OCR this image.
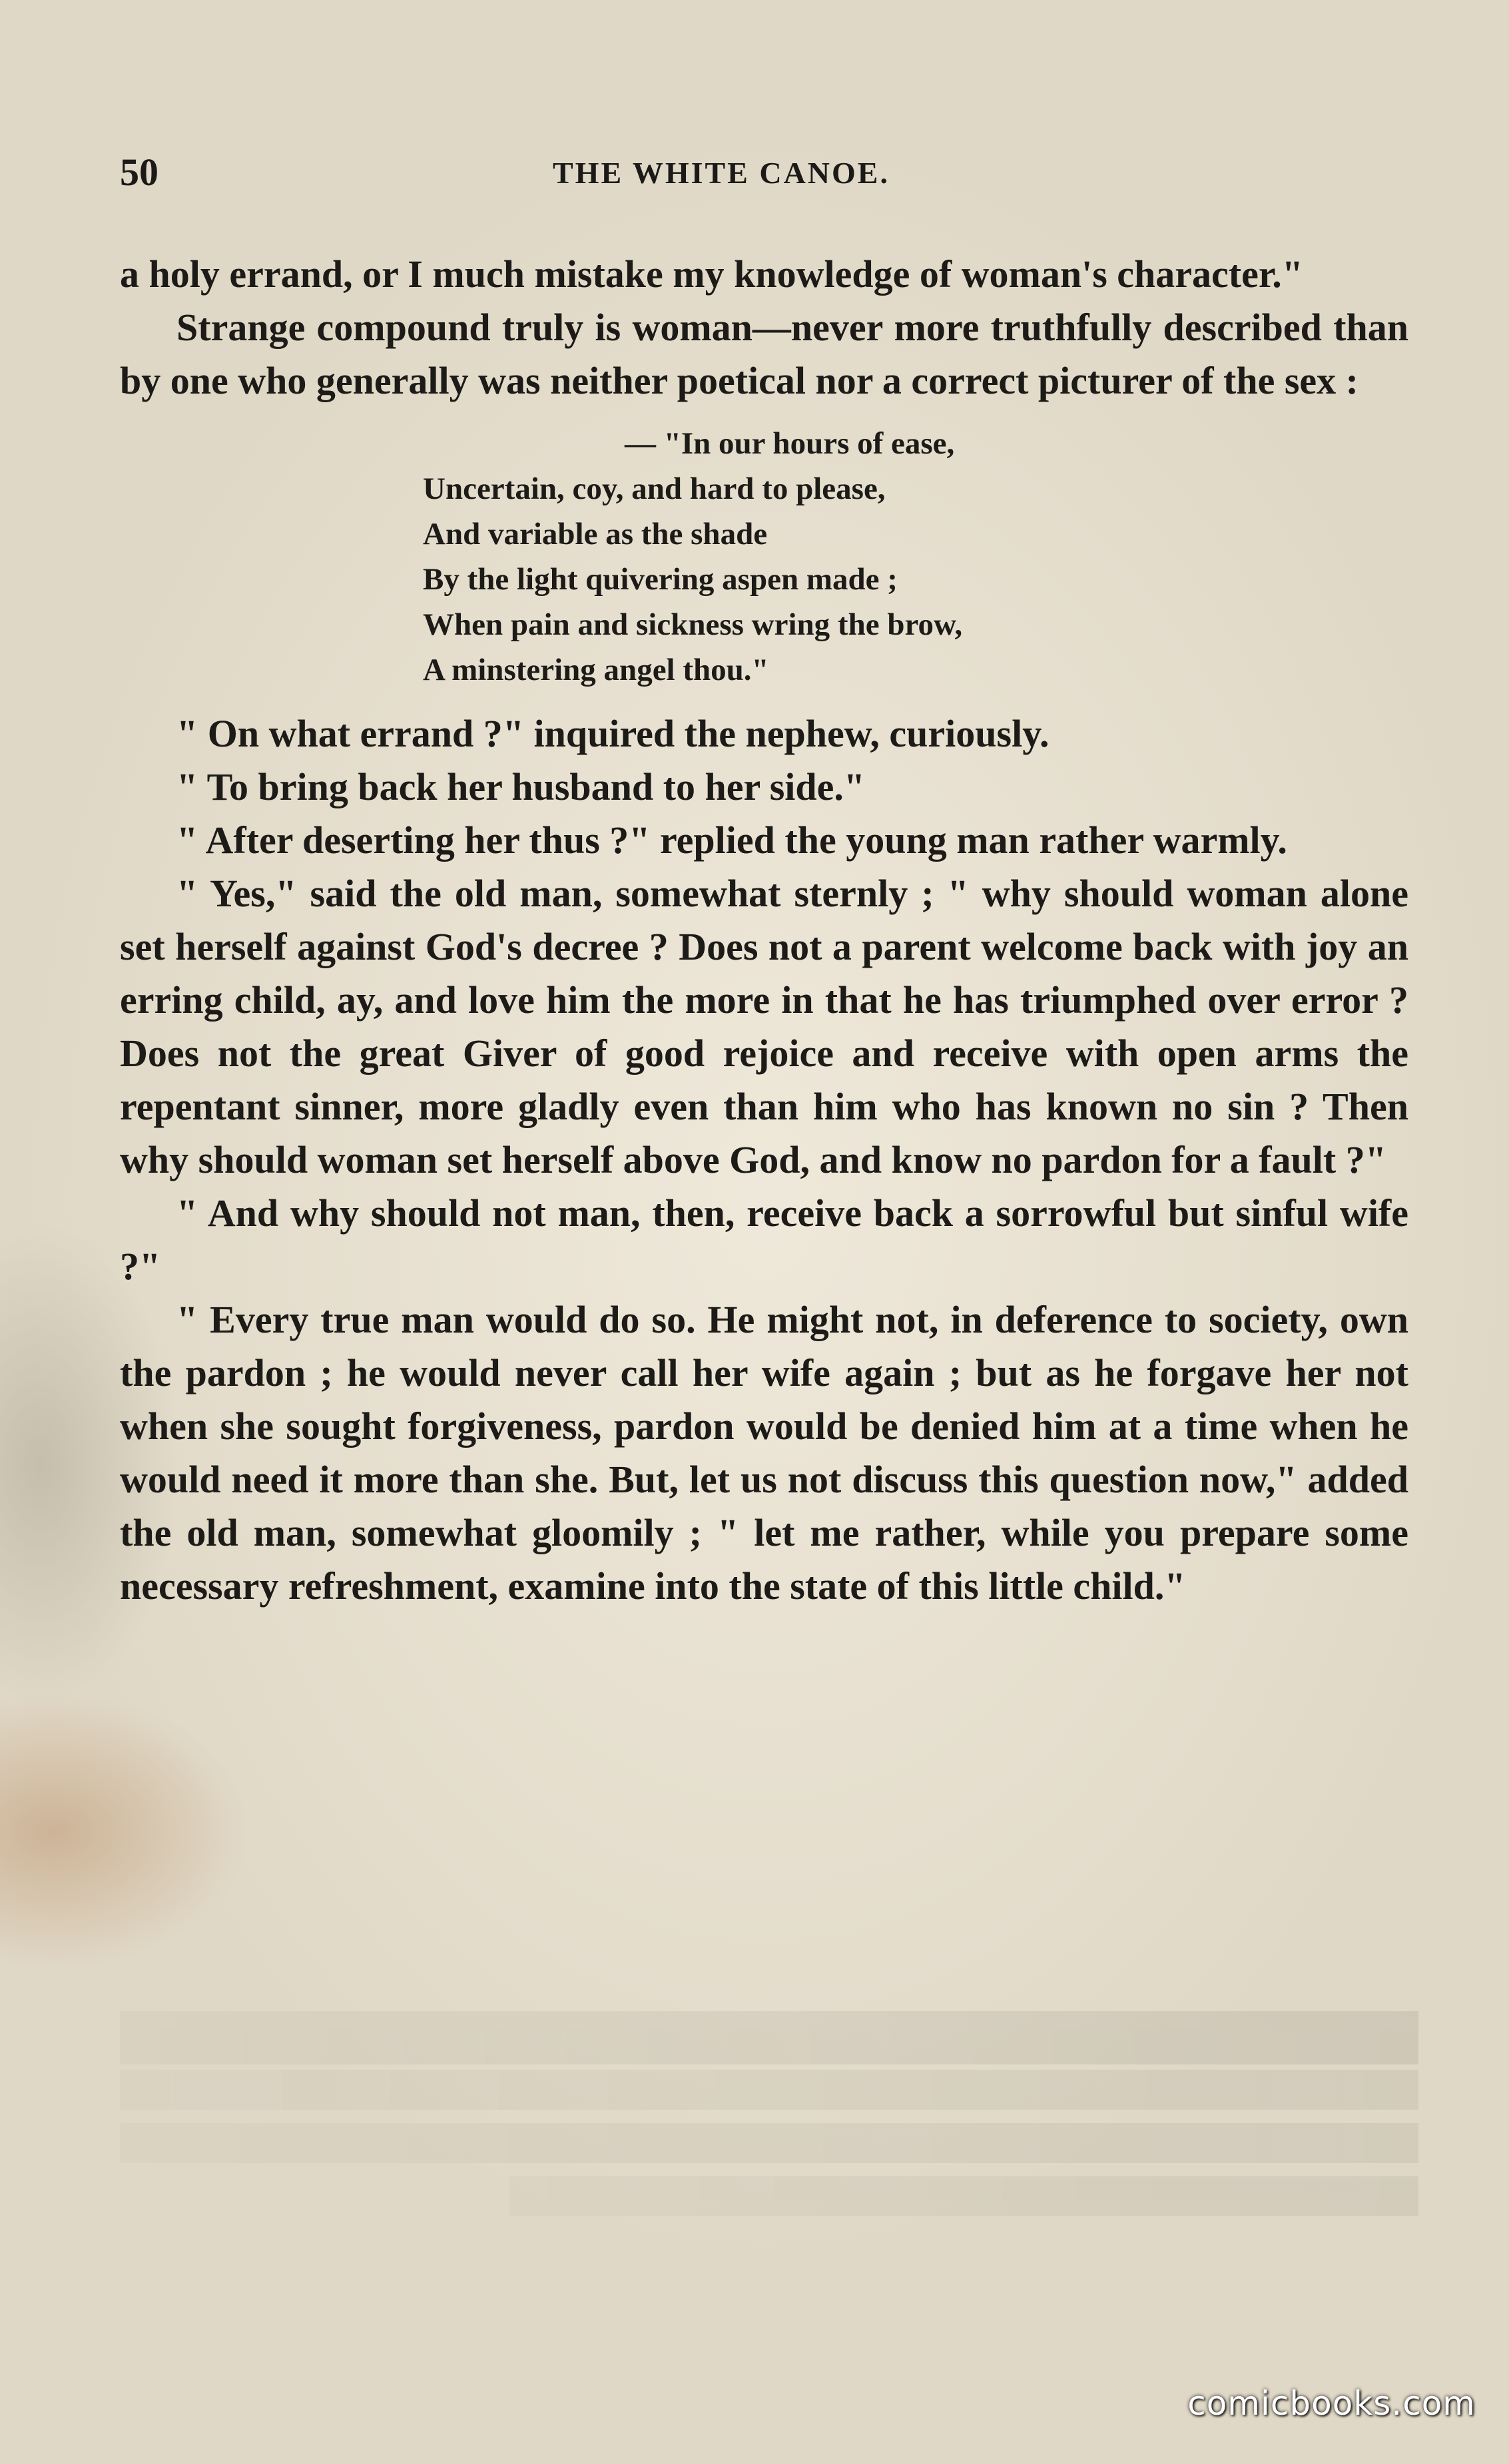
50	THE WHITE CANOE.

a holy errand, or I much mistake my knowledge of woman's character."

Strange compound truly is woman—never more truthfully described than by one who generally was neither poetical nor a correct picturer of the sex :

— "In our hours of ease,
Uncertain, coy, and hard to please,
And variable as the shade
By the light quivering aspen made ;
When pain and sickness wring the brow,
A minstering angel thou."

" On what errand ?" inquired the nephew, curiously.

" To bring back her husband to her side."

" After deserting her thus ?" replied the young man rather warmly.

" Yes," said the old man, somewhat sternly ; " why should woman alone set herself against God's decree ? Does not a parent welcome back with joy an erring child, ay, and love him the more in that he has triumphed over error ? Does not the great Giver of good rejoice and receive with open arms the repentant sinner, more gladly even than him who has known no sin ? Then why should woman set herself above God, and know no pardon for a fault ?"

" And why should not man, then, receive back a sorrowful but sinful wife ?"

" Every true man would do so. He might not, in deference to society, own the pardon ; he would never call her wife again ; but as he forgave her not when she sought forgiveness, pardon would be denied him at a time when he would need it more than she. But, let us not discuss this question now," added the old man, somewhat gloomily ; " let me rather, while you prepare some necessary refreshment, examine into the state of this little child."

comicbooks.com
